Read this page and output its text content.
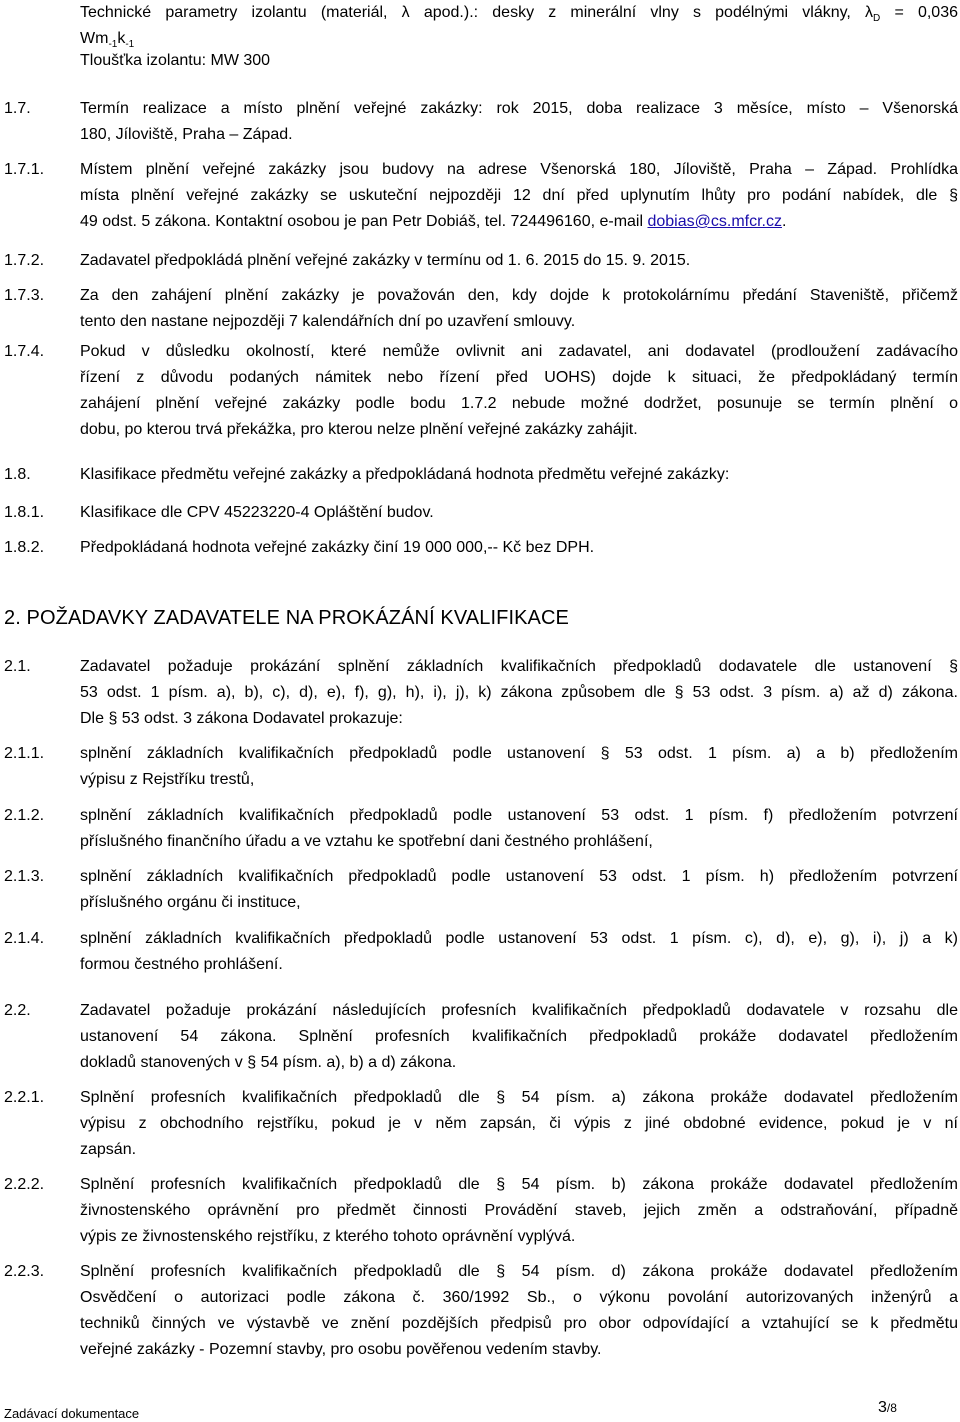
Technické parametry izolantu (materiál, λ apod.).: desky z minerální vlny s podélnými vlákny, $\lambda_D = 0,036$
$Wm_{-1}k_{-1}$
Tloušťka izolantu: MW 300
1.7.	Termín realizace a místo plnění veřejné zakázky: rok 2015, doba realizace 3 měsíce, místo – Všenorská
180, Jíloviště, Praha – Západ.
1.7.1. Místem plnění veřejné zakázky jsou budovy na adrese Všenorská 180, Jíloviště, Praha – Západ. Prohlídka
místa plnění veřejné zakázky se uskuteční nejpozději 12 dní před uplynutím lhůty pro podání nabídek, dle §
49 odst. 5 zákona. Kontaktní osobou je pan Petr Dobiáš, tel. 724496160, e-mail dobias@cs.mfcr.cz.
1.7.2. Zadavatel předpokládá plnění veřejné zakázky v termínu od 1. 6. 2015 do 15. 9. 2015.
1.7.3. Za den zahájení plnění zakázky je považován den, kdy dojde k protokolárnímu předání Staveniště, přičemž
tento den nastane nejpozději 7 kalendářních dní po uzavření smlouvy.
1.7.4. Pokud v důsledku okolností, které nemůže ovlivnit ani zadavatel, ani dodavatel (prodloužení zadávacího
řízení z důvodu podaných námitek nebo řízení před UOHS) dojde k situaci, že předpokládaný termín
zahájení plnění veřejné zakázky podle bodu 1.7.2 nebude možné dodržet, posunuje se termín plnění o
dobu, po kterou trvá překážka, pro kterou nelze plnění veřejné zakázky zahájit.
1.8.	Klasifikace předmětu veřejné zakázky a předpokládaná hodnota předmětu veřejné zakázky:
1.8.1. Klasifikace dle CPV 45223220-4 Opláštění budov.
1.8.2. Předpokládaná hodnota veřejné zakázky činí 19 000 000,-- Kč bez DPH.
2. POŽADAVKY ZADAVATELE NA PROKÁZÁNÍ KVALIFIKACE
2.1.	Zadavatel požaduje prokázání splnění základních kvalifikačních předpokladů dodavatele dle ustanovení §
53 odst. 1 písm. a), b), c), d), e), f), g), h), i), j), k) zákona způsobem dle § 53 odst. 3 písm. a) až d) zákona.
Dle § 53 odst. 3 zákona Dodavatel prokazuje:
2.1.1. splnění základních kvalifikačních předpokladů podle ustanovení § 53 odst. 1 písm. a) a b) předložením
výpisu z Rejstříku trestů,
2.1.2. splnění základních kvalifikačních předpokladů podle ustanovení 53 odst. 1 písm. f) předložením potvrzení
příslušného finančního úřadu a ve vztahu ke spotřební dani čestného prohlášení,
2.1.3. splnění základních kvalifikačních předpokladů podle ustanovení 53 odst. 1 písm. h) předložením potvrzení
příslušného orgánu či instituce,
2.1.4. splnění základních kvalifikačních předpokladů podle ustanovení 53 odst. 1 písm. c), d), e), g), i), j) a k)
formou čestného prohlášení.
2.2.	Zadavatel požaduje prokázání následujících profesních kvalifikačních předpokladů dodavatele v rozsahu dle
ustanovení 54 zákona. Splnění profesních kvalifikačních předpokladů prokáže dodavatel předložením
dokladů stanovených v § 54 písm. a), b) a d) zákona.
2.2.1. Splnění profesních kvalifikačních předpokladů dle § 54 písm. a) zákona prokáže dodavatel předložením
výpisu z obchodního rejstříku, pokud je v něm zapsán, či výpis z jiné obdobné evidence, pokud je v ní
zapsán.
2.2.2. Splnění profesních kvalifikačních předpokladů dle § 54 písm. b) zákona prokáže dodavatel předložením
živnostenského oprávnění pro předmět činnosti Provádění staveb, jejich změn a odstraňování, případně
výpis ze živnostenského rejstříku, z kterého tohoto oprávnění vyplývá.
2.2.3. Splnění profesních kvalifikačních předpokladů dle § 54 písm. d) zákona prokáže dodavatel předložením
Osvědčení o autorizaci podle zákona č. 360/1992 Sb., o výkonu povolání autorizovaných inženýrů a
techniků činných ve výstavbě ve znění pozdějších předpisů pro obor odpovídající a vztahující se k předmětu
veřejné zakázky - Pozemní stavby, pro osobu pověřenou vedením stavby.
Zadávací dokumentace	3/8
